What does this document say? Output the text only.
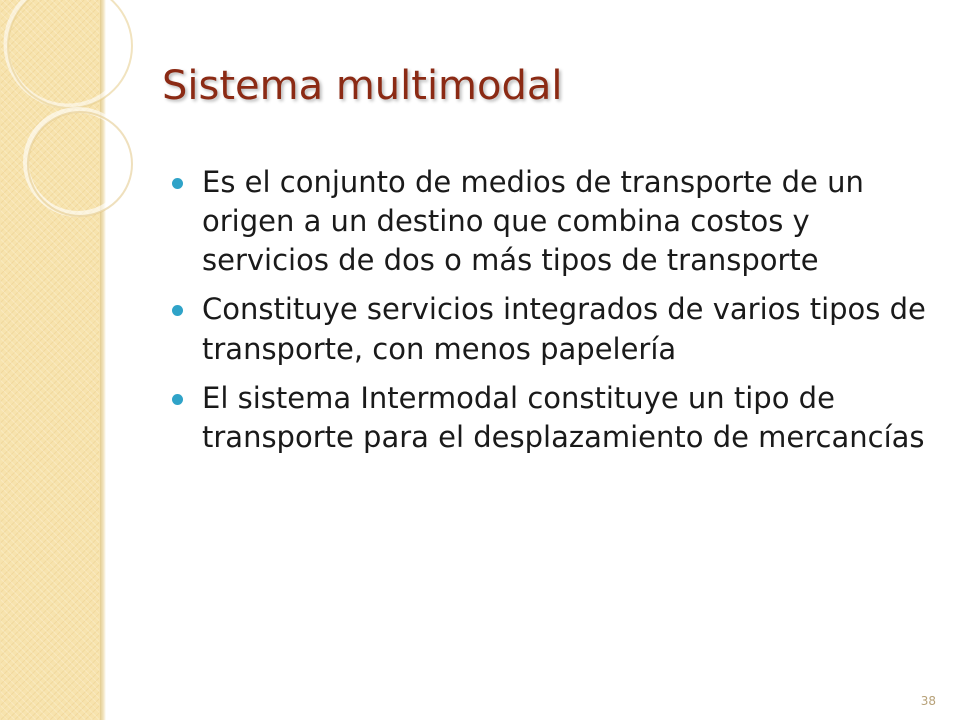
Sistema multimodal
Es el conjunto de medios de transporte de un origen a un destino que combina costos y servicios de dos o más tipos de transporte
Constituye servicios integrados de varios tipos de transporte, con menos papelería
El sistema Intermodal constituye un tipo de transporte para el desplazamiento de mercancías
38
